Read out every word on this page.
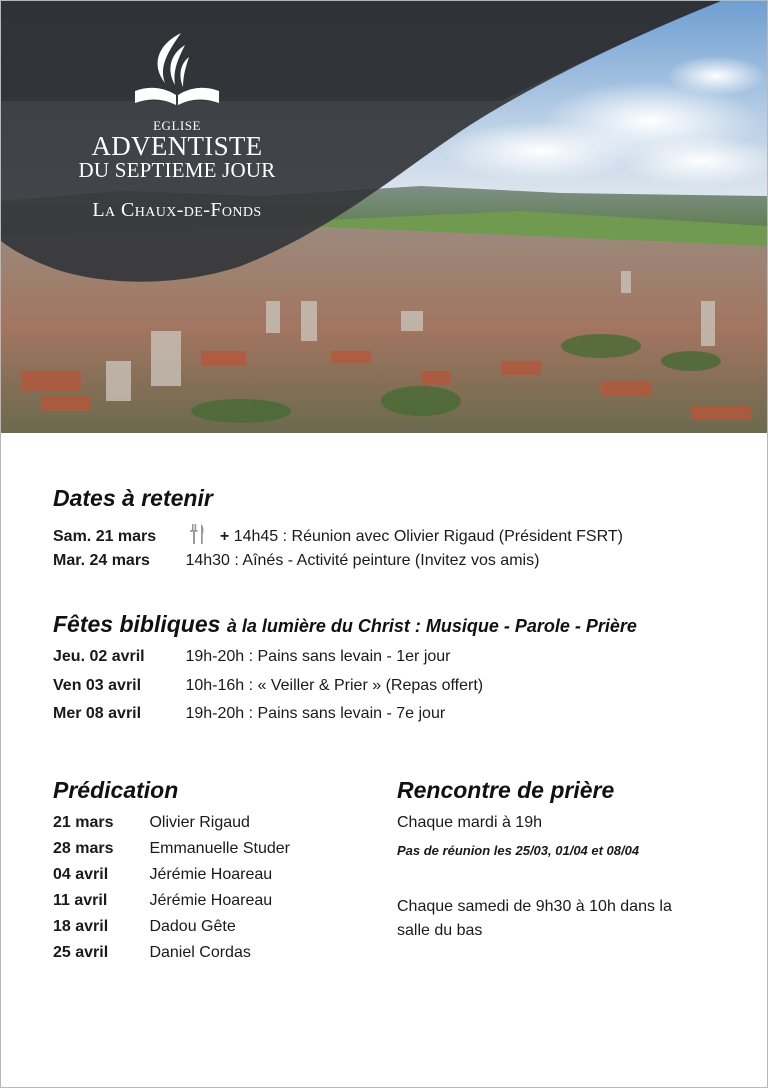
EGLISE
ADVENTISTE
DU SEPTIEME JOUR
La Chaux-de-Fonds
Dates à retenir
Sam. 21 mars	+ 14h45 : Réunion avec Olivier Rigaud (Président FSRT)
Mar. 24 mars 14h30 : Aînés - Activité peinture (Invitez vos amis)
Fêtes bibliques à la lumière du Christ : Musique - Parole - Prière
Jeu. 02 avril	19h-20h : Pains sans levain - 1er jour
Ven 03 avril	10h-16h : « Veiller & Prier » (Repas offert)
Mer 08 avril	19h-20h : Pains sans levain - 7e jour
Prédication
21 mars Olivier Rigaud
28 mars Emmanuelle Studer
04 avril	Jérémie Hoareau
11 avril	Jérémie Hoareau
18 avril	Dadou Gête
25 avril	Daniel Cordas
Rencontre de prière
Chaque mardi à 19h
Pas de réunion les 25/03, 01/04 et 08/04
Chaque samedi de 9h30 à 10h dans la
salle du bas
